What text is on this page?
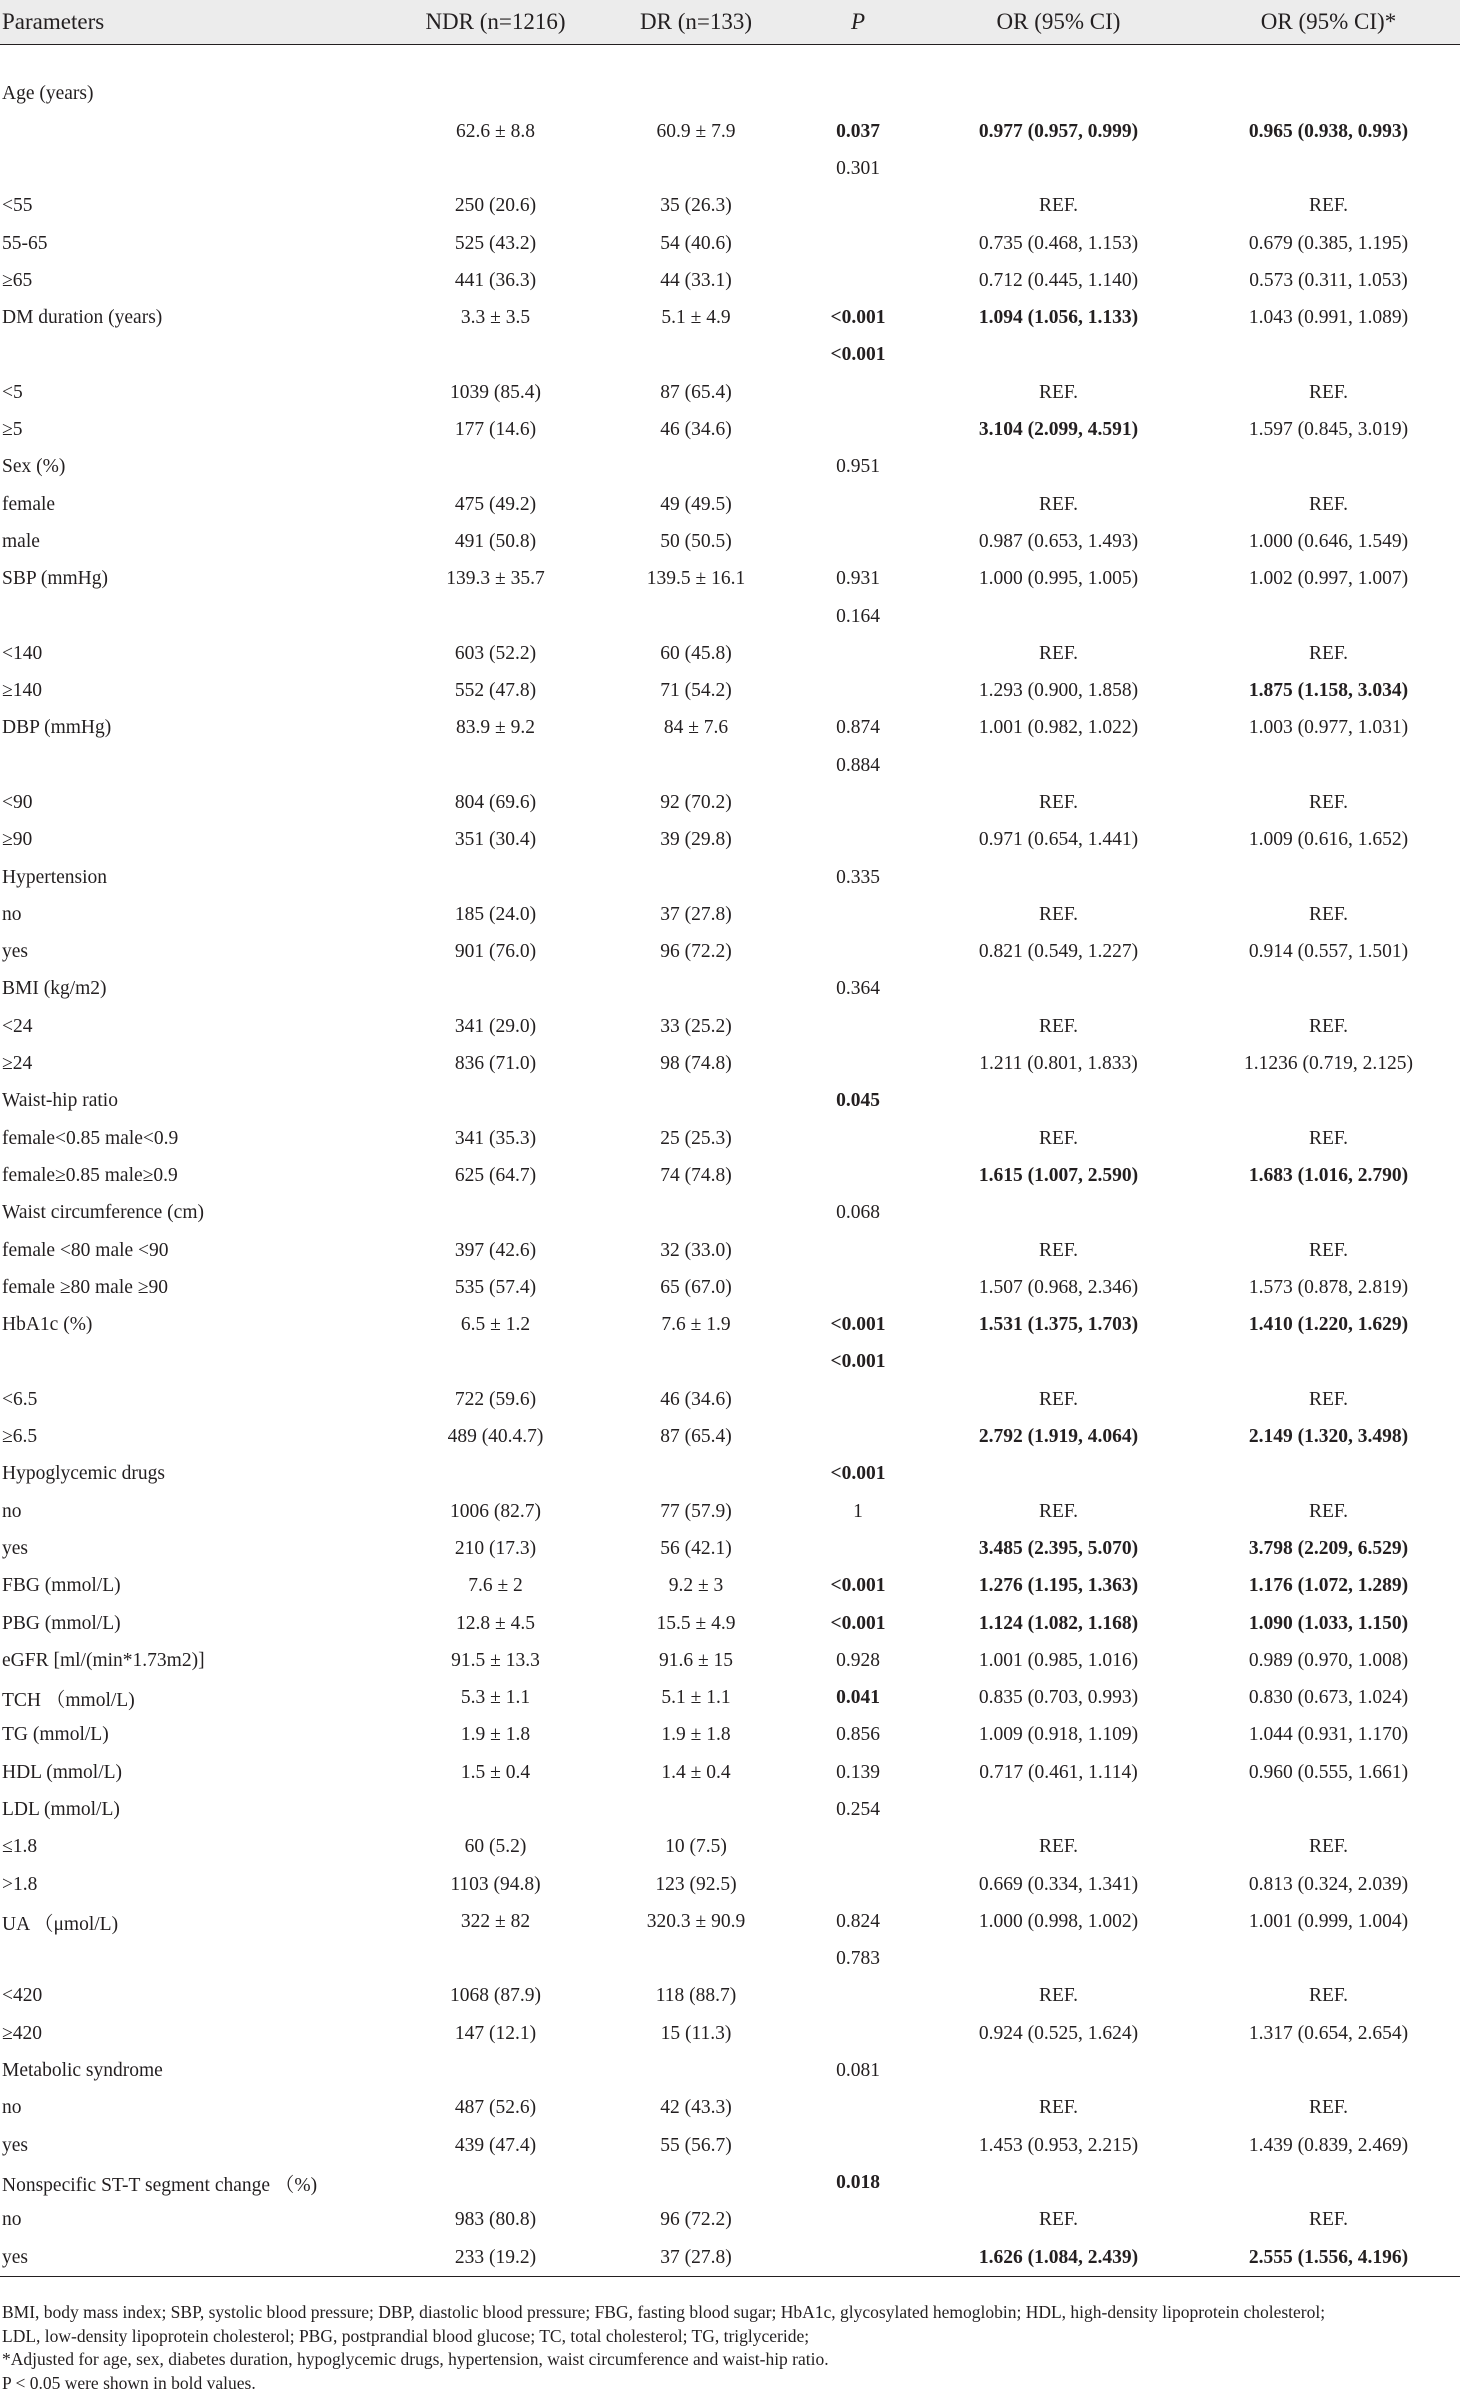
Parameters	NDR (n=1216)	DR (n=133)	P	OR (95% CI)	OR (95% CI)*
Age (years)					
	62.6 ± 8.8	60.9 ± 7.9	0.037	0.977 (0.957, 0.999)	0.965 (0.938, 0.993)
			0.301		
<55	250 (20.6)	35 (26.3)		REF.	REF.
55-65	525 (43.2)	54 (40.6)		0.735 (0.468, 1.153)	0.679 (0.385, 1.195)
≥65	441 (36.3)	44 (33.1)		0.712 (0.445, 1.140)	0.573 (0.311, 1.053)
DM duration (years)	3.3 ± 3.5	5.1 ± 4.9	<0.001	1.094 (1.056, 1.133)	1.043 (0.991, 1.089)
			<0.001		
<5	1039 (85.4)	87 (65.4)		REF.	REF.
≥5	177 (14.6)	46 (34.6)		3.104 (2.099, 4.591)	1.597 (0.845, 3.019)
Sex (%)			0.951		
female	475 (49.2)	49 (49.5)		REF.	REF.
male	491 (50.8)	50 (50.5)		0.987 (0.653, 1.493)	1.000 (0.646, 1.549)
SBP (mmHg)	139.3 ± 35.7	139.5 ± 16.1	0.931	1.000 (0.995, 1.005)	1.002 (0.997, 1.007)
			0.164		
<140	603 (52.2)	60 (45.8)		REF.	REF.
≥140	552 (47.8)	71 (54.2)		1.293 (0.900, 1.858)	1.875 (1.158, 3.034)
DBP (mmHg)	83.9 ± 9.2	84 ± 7.6	0.874	1.001 (0.982, 1.022)	1.003 (0.977, 1.031)
			0.884		
<90	804 (69.6)	92 (70.2)		REF.	REF.
≥90	351 (30.4)	39 (29.8)		0.971 (0.654, 1.441)	1.009 (0.616, 1.652)
Hypertension			0.335		
no	185 (24.0)	37 (27.8)		REF.	REF.
yes	901 (76.0)	96 (72.2)		0.821 (0.549, 1.227)	0.914 (0.557, 1.501)
BMI (kg/m2)			0.364		
<24	341 (29.0)	33 (25.2)		REF.	REF.
≥24	836 (71.0)	98 (74.8)		1.211 (0.801, 1.833)	1.1236 (0.719, 2.125)
Waist-hip ratio			0.045		
female<0.85 male<0.9	341 (35.3)	25 (25.3)		REF.	REF.
female≥0.85 male≥0.9	625 (64.7)	74 (74.8)		1.615 (1.007, 2.590)	1.683 (1.016, 2.790)
Waist circumference (cm)			0.068		
female <80 male <90	397 (42.6)	32 (33.0)		REF.	REF.
female ≥80 male ≥90	535 (57.4)	65 (67.0)		1.507 (0.968, 2.346)	1.573 (0.878, 2.819)
HbA1c (%)	6.5 ± 1.2	7.6 ± 1.9	<0.001	1.531 (1.375, 1.703)	1.410 (1.220, 1.629)
			<0.001		
<6.5	722 (59.6)	46 (34.6)		REF.	REF.
≥6.5	489 (40.4.7)	87 (65.4)		2.792 (1.919, 4.064)	2.149 (1.320, 3.498)
Hypoglycemic drugs			<0.001		
no	1006 (82.7)	77 (57.9)	1	REF.	REF.
yes	210 (17.3)	56 (42.1)		3.485 (2.395, 5.070)	3.798 (2.209, 6.529)
FBG (mmol/L)	7.6 ± 2	9.2 ± 3	<0.001	1.276 (1.195, 1.363)	1.176 (1.072, 1.289)
PBG (mmol/L)	12.8 ± 4.5	15.5 ± 4.9	<0.001	1.124 (1.082, 1.168)	1.090 (1.033, 1.150)
eGFR [ml/(min*1.73m2)]	91.5 ± 13.3	91.6 ± 15	0.928	1.001 (0.985, 1.016)	0.989 (0.970, 1.008)
TCH （mmol/L)	5.3 ± 1.1	5.1 ± 1.1	0.041	0.835 (0.703, 0.993)	0.830 (0.673, 1.024)
TG (mmol/L)	1.9 ± 1.8	1.9 ± 1.8	0.856	1.009 (0.918, 1.109)	1.044 (0.931, 1.170)
HDL (mmol/L)	1.5 ± 0.4	1.4 ± 0.4	0.139	0.717 (0.461, 1.114)	0.960 (0.555, 1.661)
LDL (mmol/L)			0.254		
≤1.8	60 (5.2)	10 (7.5)		REF.	REF.
>1.8	1103 (94.8)	123 (92.5)		0.669 (0.334, 1.341)	0.813 (0.324, 2.039)
UA （μmol/L)	322 ± 82	320.3 ± 90.9	0.824	1.000 (0.998, 1.002)	1.001 (0.999, 1.004)
			0.783		
<420	1068 (87.9)	118 (88.7)		REF.	REF.
≥420	147 (12.1)	15 (11.3)		0.924 (0.525, 1.624)	1.317 (0.654, 2.654)
Metabolic syndrome			0.081		
no	487 (52.6)	42 (43.3)		REF.	REF.
yes	439 (47.4)	55 (56.7)		1.453 (0.953, 2.215)	1.439 (0.839, 2.469)
Nonspecific ST-T segment change （%)			0.018		
no	983 (80.8)	96 (72.2)		REF.	REF.
yes	233 (19.2)	37 (27.8)		1.626 (1.084, 2.439)	2.555 (1.556, 4.196)
BMI, body mass index; SBP, systolic blood pressure; DBP, diastolic blood pressure; FBG, fasting blood sugar; HbA1c, glycosylated hemoglobin; HDL, high-density lipoprotein cholesterol;
LDL, low-density lipoprotein cholesterol; PBG, postprandial blood glucose; TC, total cholesterol; TG, triglyceride;
*Adjusted for age, sex, diabetes duration, hypoglycemic drugs, hypertension, waist circumference and waist-hip ratio.
P < 0.05 were shown in bold values.
